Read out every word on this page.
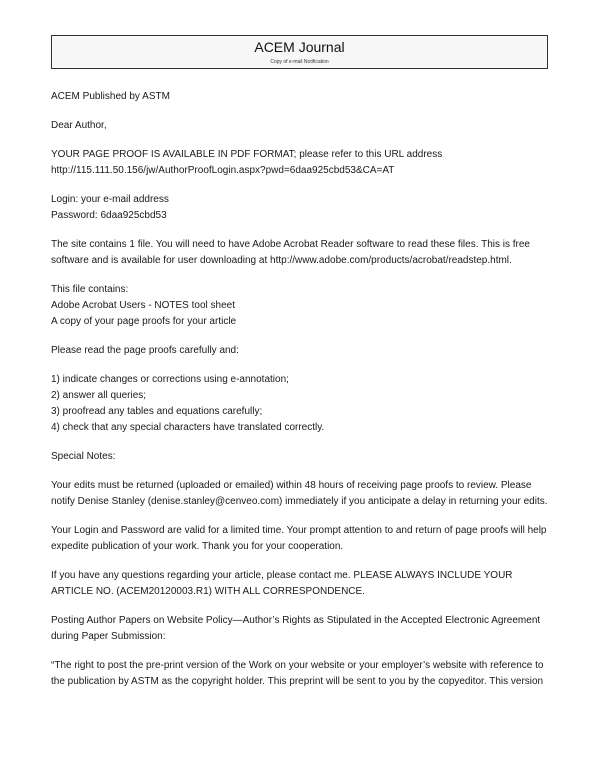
ACEM Journal
Copy of e-mail Notification

ACEM Published by ASTM

Dear Author,

YOUR PAGE PROOF IS AVAILABLE IN PDF FORMAT; please refer to this URL address
http://115.111.50.156/jw/AuthorProofLogin.aspx?pwd=6daa925cbd53&CA=AT

Login: your e-mail address
Password: 6daa925cbd53

The site contains 1 file. You will need to have Adobe Acrobat Reader software to read these files. This is free
software and is available for user downloading at http://www.adobe.com/products/acrobat/readstep.html.

This file contains:
Adobe Acrobat Users - NOTES tool sheet
A copy of your page proofs for your article

Please read the page proofs carefully and:

1) indicate changes or corrections using e-annotation;
2) answer all queries;
3) proofread any tables and equations carefully;
4) check that any special characters have translated correctly.

Special Notes:

Your edits must be returned (uploaded or emailed) within 48 hours of receiving page proofs to review. Please
notify Denise Stanley (denise.stanley@cenveo.com) immediately if you anticipate a delay in returning your edits.

Your Login and Password are valid for a limited time. Your prompt attention to and return of page proofs will help
expedite publication of your work. Thank you for your cooperation.

If you have any questions regarding your article, please contact me. PLEASE ALWAYS INCLUDE YOUR
ARTICLE NO. (ACEM20120003.R1) WITH ALL CORRESPONDENCE.

Posting Author Papers on Website Policy—Author’s Rights as Stipulated in the Accepted Electronic Agreement
during Paper Submission:

“The right to post the pre-print version of the Work on your website or your employer’s website with reference to
the publication by ASTM as the copyright holder. This preprint will be sent to you by the copyeditor. This version
